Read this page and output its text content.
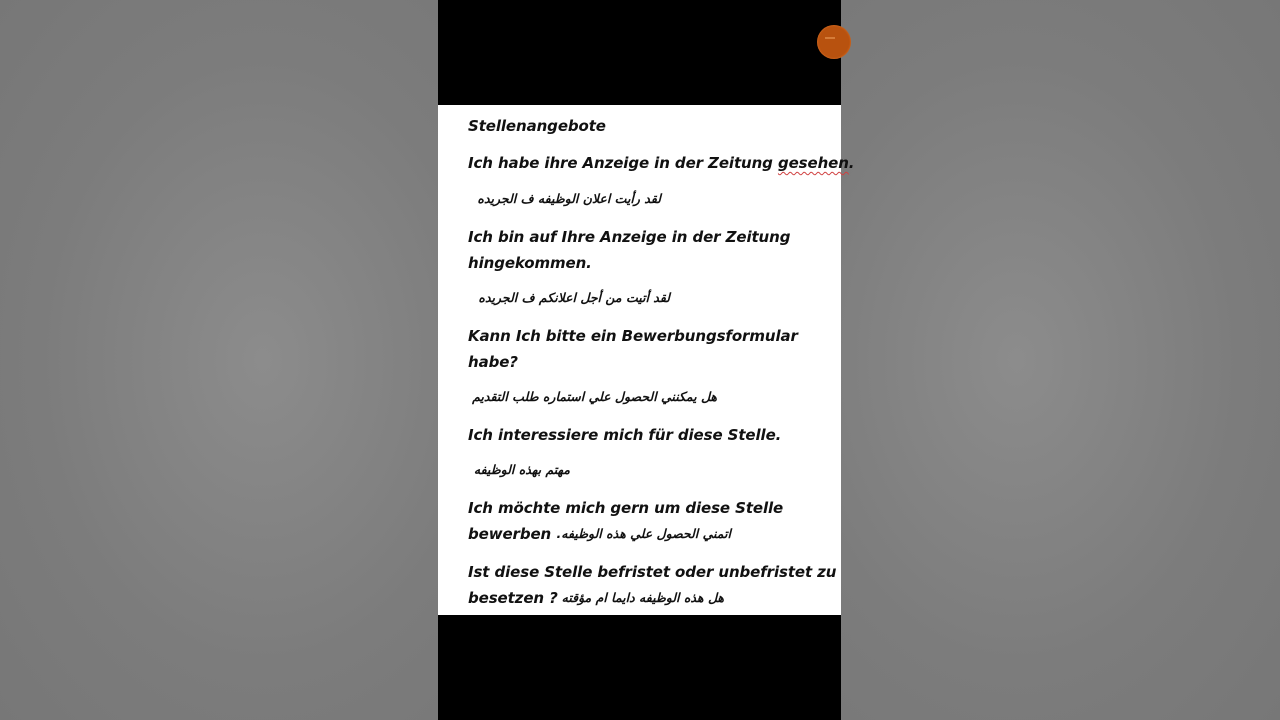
Stellenangebote
Ich habe ihre Anzeige in der Zeitung gesehen.
لقد رأيت اعلان الوظيفه ف الجريده
Ich bin auf Ihre Anzeige in der Zeitung
hingekommen.
لقد أتيت من أجل اعلانكم ف الجريده
Kann Ich bitte ein Bewerbungsformular
habe?
هل يمكنني الحصول علي استماره طلب التقديم
Ich interessiere mich für diese Stelle.
مهتم بهذه الوظيفه
Ich möchte mich gern um diese Stelle
bewerben اتمني الحصول علي هذه الوظيفه.
Ist diese Stelle befristet oder unbefristet zu
besetzen ? هل هذه الوظيفه دايما ام مؤقته
